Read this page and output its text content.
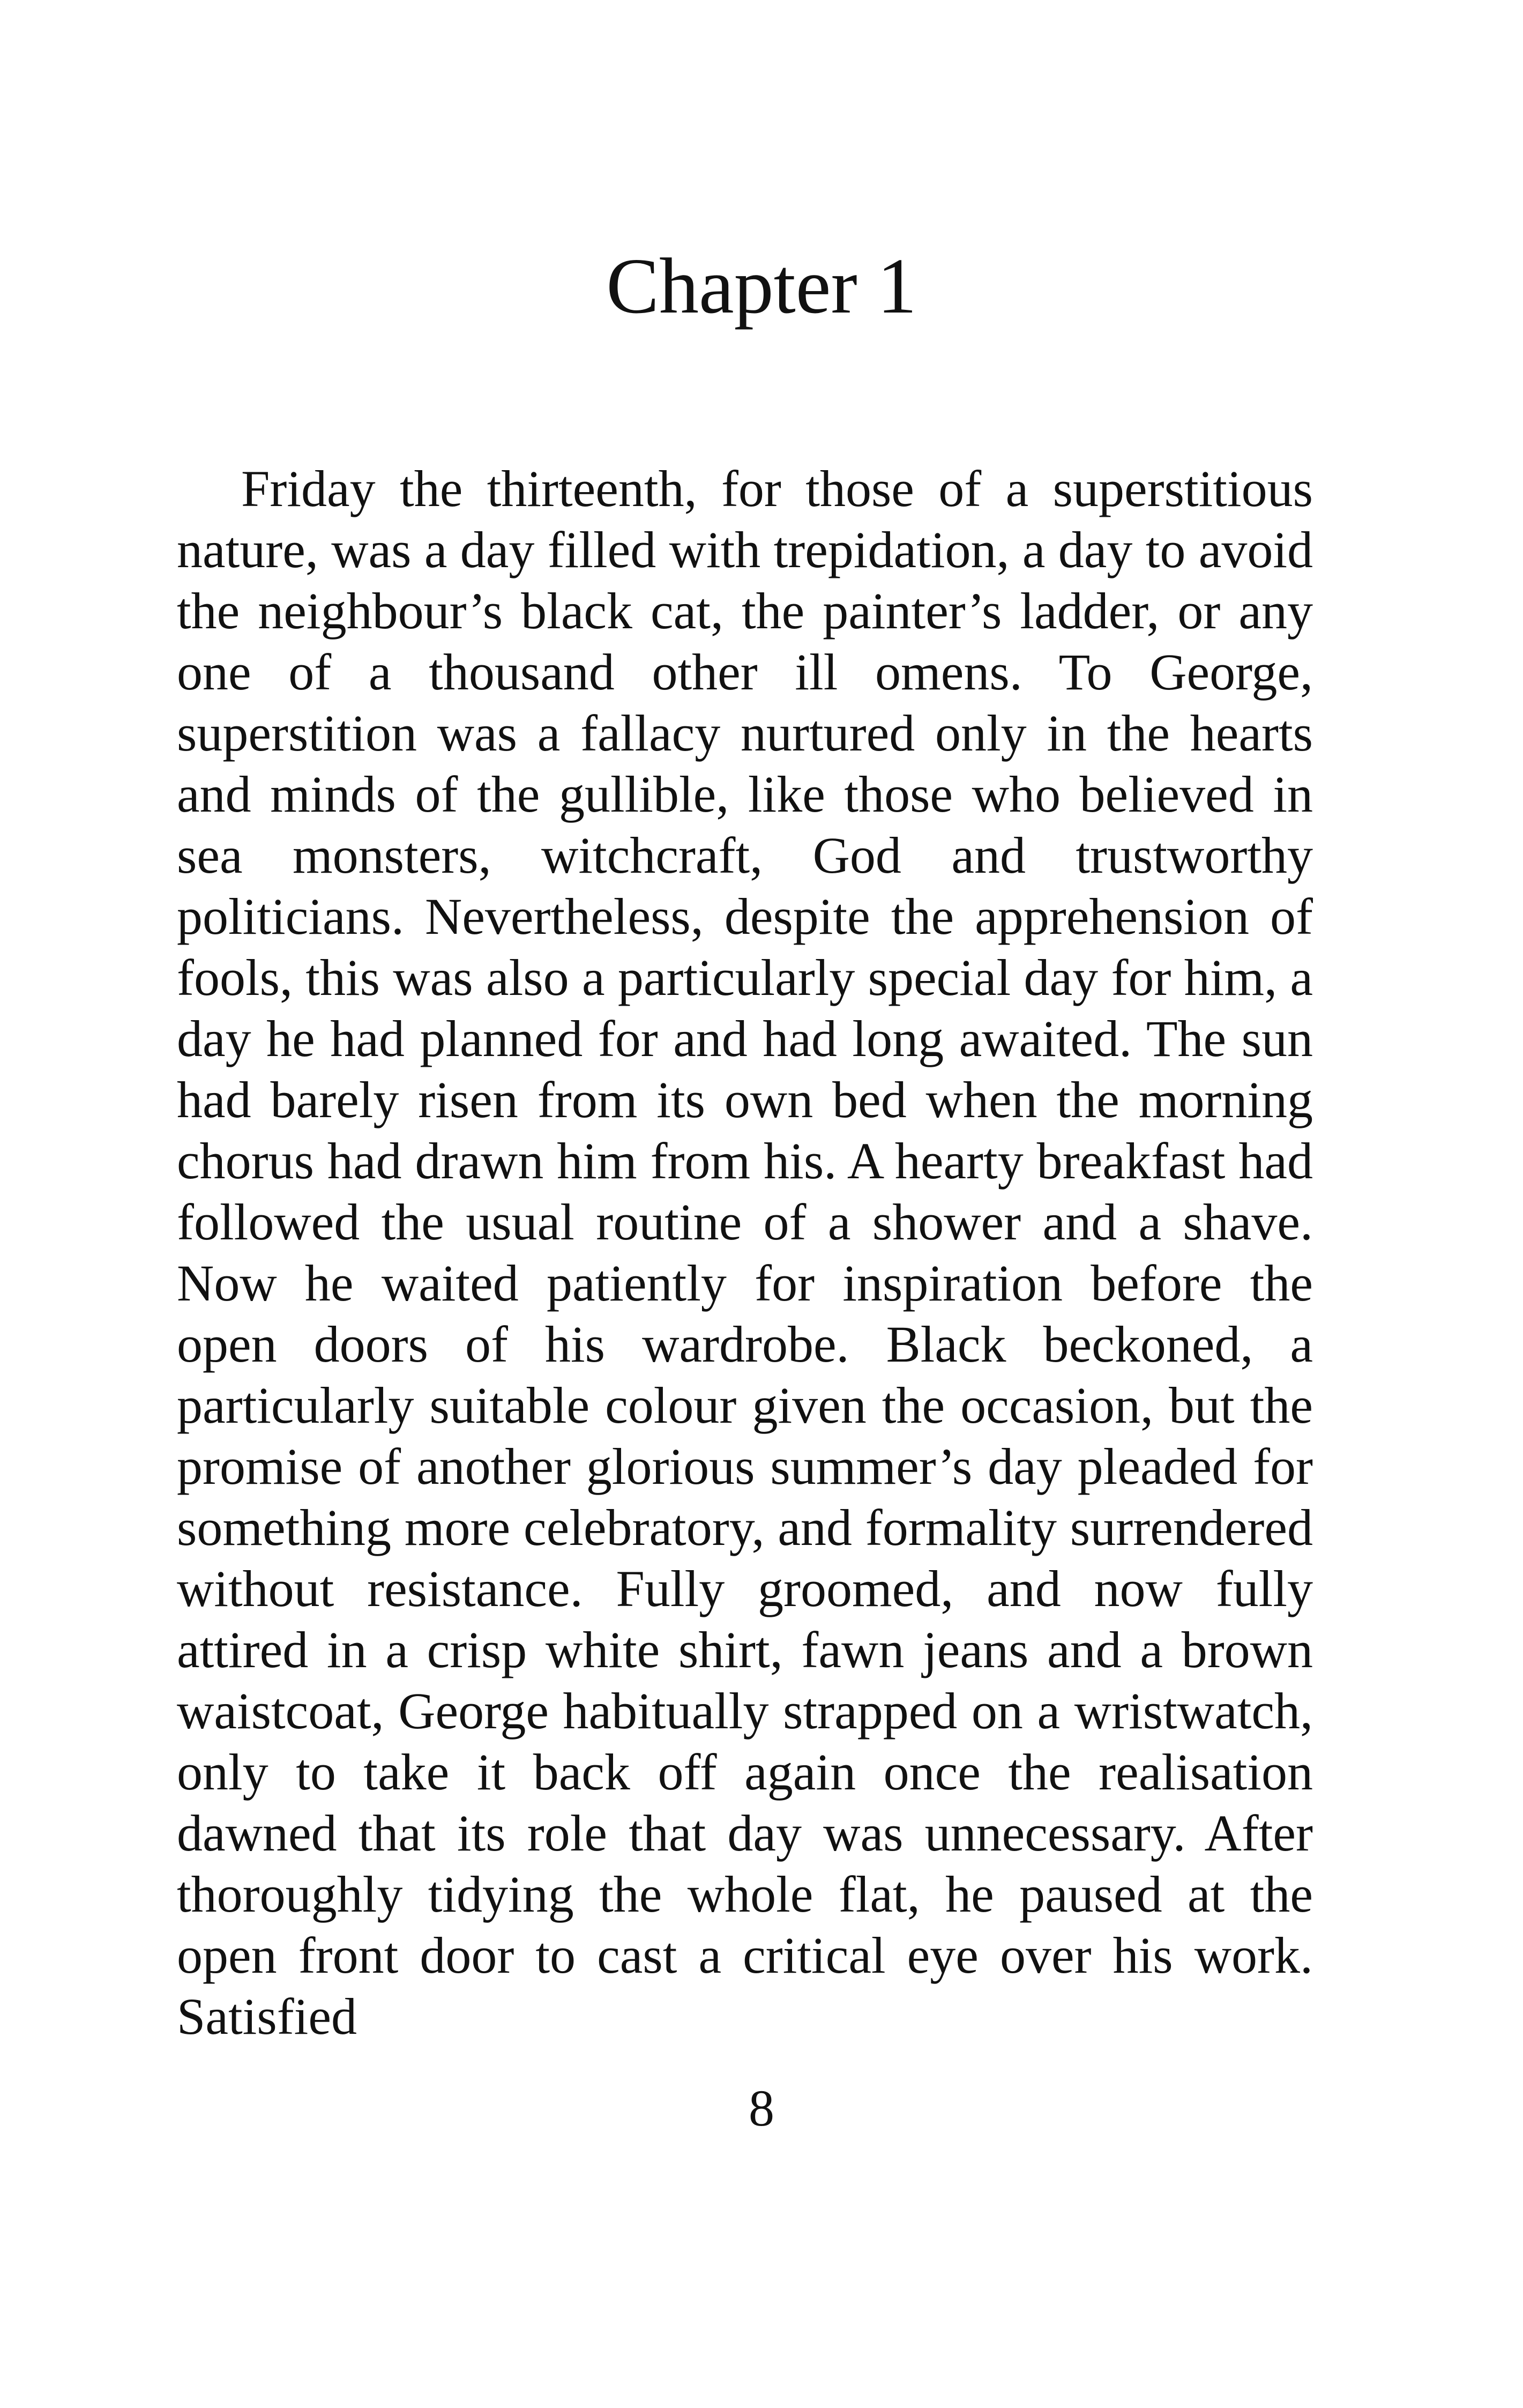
Chapter 1

Friday the thirteenth, for those of a superstitious nature, was a day filled with trepidation, a day to avoid the neighbour’s black cat, the painter’s ladder, or any one of a thousand other ill omens. To George, superstition was a fallacy nurtured only in the hearts and minds of the gullible, like those who believed in sea monsters, witchcraft, God and trustworthy politicians. Nevertheless, despite the apprehension of fools, this was also a particularly special day for him, a day he had planned for and had long awaited. The sun had barely risen from its own bed when the morning chorus had drawn him from his. A hearty breakfast had followed the usual routine of a shower and a shave. Now he waited patiently for inspiration before the open doors of his wardrobe. Black beckoned, a particularly suitable colour given the occasion, but the promise of another glorious summer’s day pleaded for something more celebratory, and formality surrendered without resistance. Fully groomed, and now fully attired in a crisp white shirt, fawn jeans and a brown waistcoat, George habitually strapped on a wristwatch, only to take it back off again once the realisation dawned that its role that day was unnecessary. After thoroughly tidying the whole flat, he paused at the open front door to cast a critical eye over his work. Satisfied

8
